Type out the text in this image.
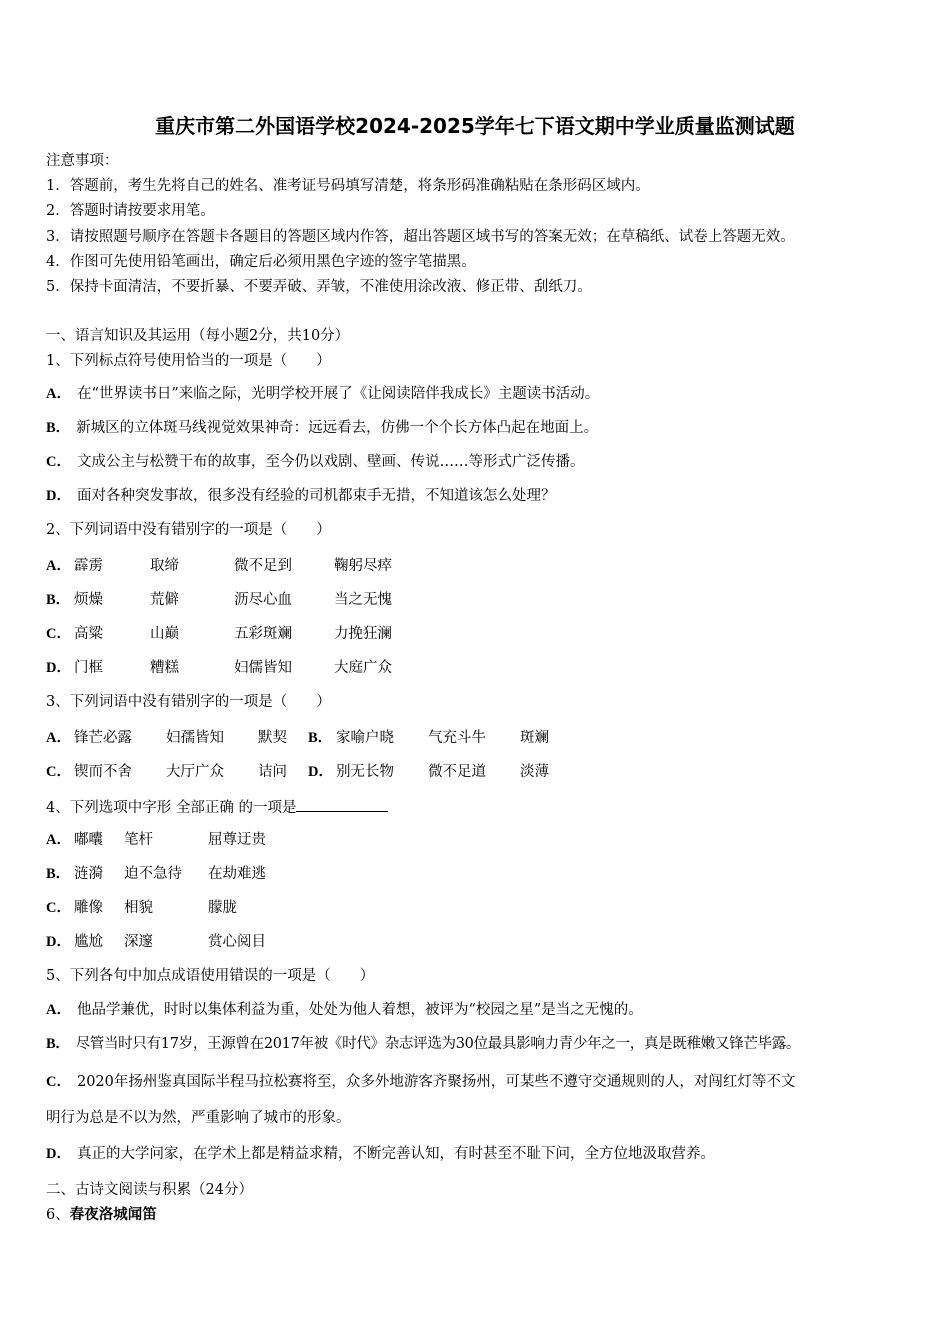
重庆市第二外国语学校2024-2025学年七下语文期中学业质量监测试题
注意事项：
1．答题前，考生先将自己的姓名、准考证号码填写清楚，将条形码准确粘贴在条形码区域内。
2．答题时请按要求用笔。
3．请按照题号顺序在答题卡各题目的答题区域内作答，超出答题区域书写的答案无效；在草稿纸、试卷上答题无效。
4．作图可先使用铅笔画出，确定后必须用黑色字迹的签字笔描黑。
5．保持卡面清洁，不要折暴、不要弄破、弄皱，不准使用涂改液、修正带、刮纸刀。
一、语言知识及其运用（每小题2分，共10分）
1、下列标点符号使用恰当的一项是（　　）
A． 在“世界读书日”来临之际，光明学校开展了《让阅读陪伴我成长》主题读书活动。
B． 新城区的立体斑马线视觉效果神奇：远远看去，仿佛一个个长方体凸起在地面上。
C． 文成公主与松赞干布的故事，至今仍以戏剧、壁画、传说……等形式广泛传播。
D． 面对各种突发事故，很多没有经验的司机都束手无措，不知道该怎么处理？
2、下列词语中没有错别字的一项是（　　）
A． 霹雳	取缔	微不足到	鞠躬尽瘁
B． 烦燥	荒僻	沥尽心血	当之无愧
C． 高粱	山巅	五彩斑斓	力挽狂澜
D． 门框	糟糕	妇儒皆知	大庭广众
3、下列词语中没有错别字的一项是（　　）
A． 锋芒必露 妇孺皆知 默契 B． 家喻户晓 气充斗牛 斑斓
C． 锲而不舍 大厅广众 诘问 D． 别无长物 微不足道 淡薄
4、下列选项中字形 全部正确 的一项是
A． 嘟囔 笔杆	屈尊迂贵
B． 涟漪 迫不急待 在劫难逃
C． 雕像 相貌	朦胧
D． 尴尬 深邃	赏心阅目
5、下列各句中加点成语使用错误的一项是（　　）
A． 他品学兼优，时时以集体利益为重，处处为他人着想，被评为“校园之星”是当之无愧的。
B． 尽管当时只有17岁，王源曾在2017年被《时代》杂志评选为30位最具影响力青少年之一，真是既稚嫩又锋芒毕露。
C． 2020年扬州鉴真国际半程马拉松赛将至，众多外地游客齐聚扬州，可某些不遵守交通规则的人，对闯红灯等不文
明行为总是不以为然，严重影响了城市的形象。
D． 真正的大学问家，在学术上都是精益求精，不断完善认知，有时甚至不耻下问，全方位地汲取营养。
二、古诗文阅读与积累（24分）
6、春夜洛城闻笛
